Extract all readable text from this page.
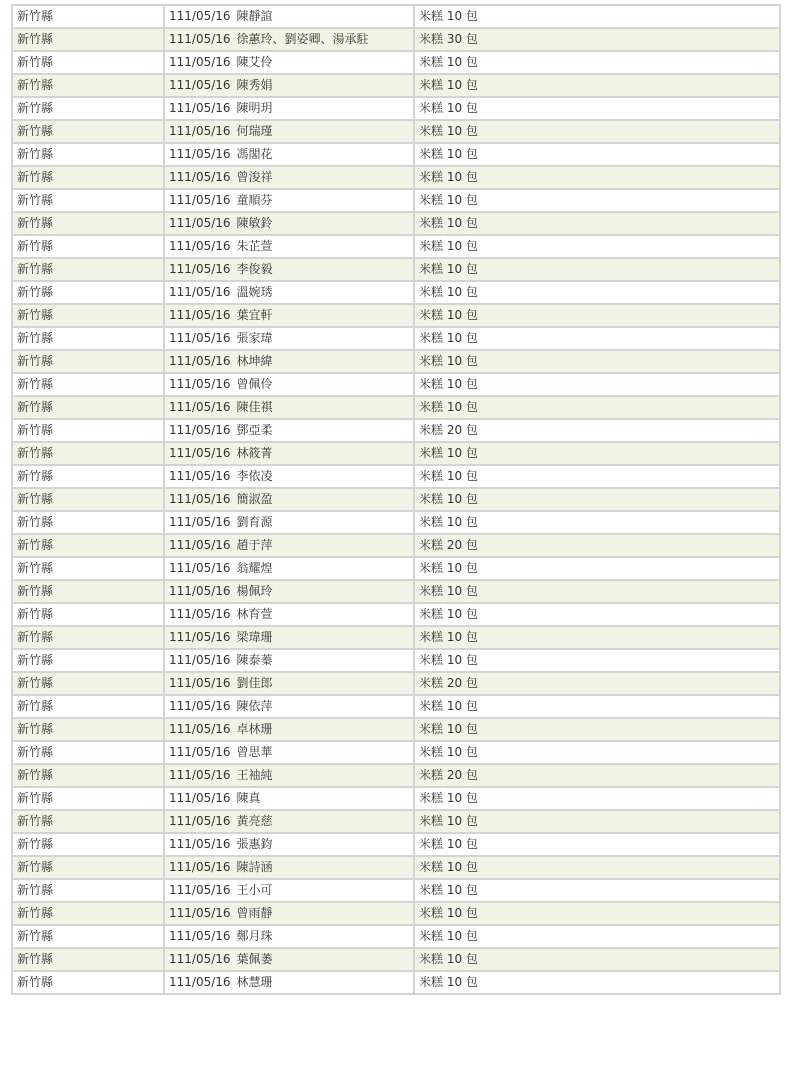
新竹縣	111/05/16 陳靜誼	米糕 10 包
新竹縣	111/05/16 徐蕙玲、劉姿卿、湯承駐	米糕 30 包
新竹縣	111/05/16 陳艾伶	米糕 10 包
新竹縣	111/05/16 陳秀娟	米糕 10 包
新竹縣	111/05/16 陳明玥	米糕 10 包
新竹縣	111/05/16 何瑞瑾	米糕 10 包
新竹縣	111/05/16 馮閣花	米糕 10 包
新竹縣	111/05/16 曾浚祥	米糕 10 包
新竹縣	111/05/16 童順芬	米糕 10 包
新竹縣	111/05/16 陳敏鈴	米糕 10 包
新竹縣	111/05/16 朱芷萱	米糕 10 包
新竹縣	111/05/16 李俊毅	米糕 10 包
新竹縣	111/05/16 溫婉琇	米糕 10 包
新竹縣	111/05/16 葉宜軒	米糕 10 包
新竹縣	111/05/16 張家瑋	米糕 10 包
新竹縣	111/05/16 林坤緯	米糕 10 包
新竹縣	111/05/16 曾佩伶	米糕 10 包
新竹縣	111/05/16 陳佳祺	米糕 10 包
新竹縣	111/05/16 鄧亞柔	米糕 20 包
新竹縣	111/05/16 林筱菁	米糕 10 包
新竹縣	111/05/16 李依凌	米糕 10 包
新竹縣	111/05/16 簡淑盈	米糕 10 包
新竹縣	111/05/16 劉育源	米糕 10 包
新竹縣	111/05/16 趙于萍	米糕 20 包
新竹縣	111/05/16 翁耀煌	米糕 10 包
新竹縣	111/05/16 楊佩玲	米糕 10 包
新竹縣	111/05/16 林育萱	米糕 10 包
新竹縣	111/05/16 梁瑋珊	米糕 10 包
新竹縣	111/05/16 陳泰蓁	米糕 10 包
新竹縣	111/05/16 劉佳郎	米糕 20 包
新竹縣	111/05/16 陳依萍	米糕 10 包
新竹縣	111/05/16 卓林珊	米糕 10 包
新竹縣	111/05/16 曾思華	米糕 10 包
新竹縣	111/05/16 王袖純	米糕 20 包
新竹縣	111/05/16 陳真	米糕 10 包
新竹縣	111/05/16 黃亮慈	米糕 10 包
新竹縣	111/05/16 張惠鈞	米糕 10 包
新竹縣	111/05/16 陳詩涵	米糕 10 包
新竹縣	111/05/16 王小可	米糕 10 包
新竹縣	111/05/16 曾雨靜	米糕 10 包
新竹縣	111/05/16 鄭月珠	米糕 10 包
新竹縣	111/05/16 葉佩萎	米糕 10 包
新竹縣	111/05/16 林慧珊	米糕 10 包
